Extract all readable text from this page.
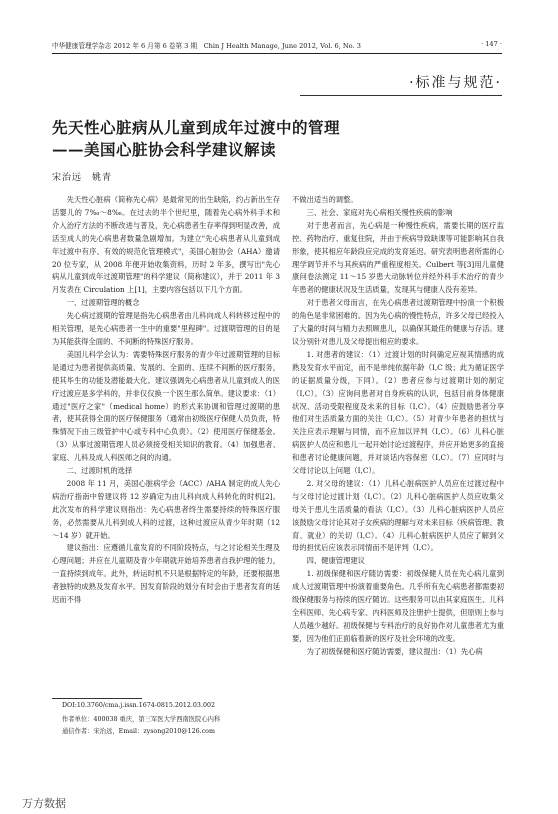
中华健康管理学杂志 2012 年 6 月第 6 卷第 3 期　Chin J Health Manage, June 2012, Vol. 6, No. 3	· 147 ·
·标准与规范·
先天性心脏病从儿童到成年过渡中的管理
——美国心脏协会科学建议解读
宋治远　姚青

先天性心脏病（简称先心病）是最常见的出生缺陷，约占新出生存活婴儿的 7‰～8‰。在过去的半个世纪里，随着先心病外科手术和介入治疗方法的不断改进与普及，先心病患者生存率得到明显改善，成活至成人的先心病患者数量急剧增加。为建立"先心病患者从儿童到成年过渡中有序、有效的规范化管理模式"，美国心脏协会（AHA）邀请 20 位专家，从 2008 年便开始收集资料，历时 2 年多，撰写出"先心病从儿童到成年过渡期管理"的科学建议（简称建议），并于 2011 年 3 月发表在 Circulation 上[1]，主要内容包括以下几个方面。

一、过渡期管理的概念

先心病过渡期的管理是指先心病患者由儿科向成人科转移过程中的相关管理，是先心病患者一生中的重要"里程碑"。过渡期管理的目的是为其能获得全面的、不间断的特殊医疗服务。

美国儿科学会认为：需要特殊医疗服务的青少年过渡期管理的目标是通过为患者提供高质量、发展的、全面的、连续不间断的医疗服务，使其毕生的功能及潜能最大化。建议强调先心病患者从儿童到成人的医疗过渡应是多学科的，并非仅仅换一个医生那么简单。建议要求：（1）通过"医疗之家"（medical home）的形式来协调和管理过渡期的患者，使其获得全面的医疗保健服务（通常由初级医疗保健人员负责，特殊情况下由三级管护中心或专科中心负责）。（2）使用医疗保健基金。（3）从事过渡期管理人员必须接受相关知识的教育。（4）加强患者、家庭、儿科及成人科医师之间的沟通。

二、过渡时机的选择

2008 年 11 月，美国心脏病学会（ACC）/AHA 制定的成人先心病治疗指南中曾建议将 12 岁确定为由儿科向成人科转化的时机[2]。此次发布的科学建议则指出：先心病患者终生需要持续的特殊医疗服务，必然需要从儿科到成人科的过渡，这种过渡应从青少年时期（12～14 岁）就开始。

建议指出：应遵循儿童发育的不同阶段特点，与之讨论相关生理及心理问题；并应在儿童期及青少年期就开始培养患者自我护理的能力，一直持续到成年。此外，转运时机不只是根据特定的年龄，还要根据患者独特的成熟及发育水平。因发育阶段的划分有时会由于患者发育的延迟而不得

不做出适当的调整。

三、社会、家庭对先心病相关慢性疾病的影响

对于患者而言，先心病是一种慢性疾病，需要长期的医疗监控、药物治疗、重复住院，并由于疾病导致缺课等可能影响其自我形象，使其相应年龄段应完成的发育延迟。研究表明患者所需的心理学调节并不与其疾病的严重程度相关。Culbert 等[3]用儿童健康问卷法测定 11～15 岁患大动脉转位并经外科手术治疗的青少年患者的健康状况及生活质量，发现其与健康人没有差异。

对于患者父母而言，在先心病患者过渡期管理中扮演一个积极的角色是非常困难的。因为先心病的慢性特点，许多父母已经投入了大量的时间与精力去照顾患儿，以确保其最佳的健康与存活。建议分别针对患儿及父母提出相应的要求。

1. 对患者的建议：（1）过渡计划的时间确定应视其情感的成熟及发育水平而定，而不是单纯依据年龄（I,C 级；此为循证医学的证据质量分级，下同）。（2）患者应参与过渡期计划的制定（I,C）。（3）应询问患者对自身疾病的认识，包括目前身体健康状况、活动受限程度及未来的目标（I,C）。（4）应鼓励患者分享他们对生活质量方面的关注（I,C）。（5）对青少年患者的担忧与关注应表示理解与同情，而不应加以评判（I,C）。（6）儿科心脏病医护人员应和患儿一起开始讨论过渡程序，并应开始更多的直接和患者讨论健康问题，并对谈话内容保密（I,C）。（7）应同时与父母讨论以上问题（I,C）。

2. 对父母的建议：（1）儿科心脏病医护人员应在过渡过程中与父母讨论过渡计划（I,C）。（2）儿科心脏病医护人员应收集父母关于患儿生活质量的看法（I,C）。（3）儿科心脏病医护人员应该鼓励父母讨论其对子女疾病的理解与对未来目标（疾病管理、教育、就业）的关切（I,C）。（4）儿科心脏病医护人员应了解到父母的担忧后应该表示同情而不是评判（I,C）。

四、健康管理建议

1. 初级保健和医疗随访需要：初级保健人员在先心病儿童到成人过渡期管理中扮演着重要角色。几乎所有先心病患者都需要初级保健服务与持续的医疗随访。这些服务可以由其家庭医生、儿科全科医师、先心病专家、内科医师及注册护士提供，但原则上参与人员越少越好。初级保健与专科治疗的良好协作对儿童患者尤为重要，因为他们正面临着新的医疗及社会环境的改变。

为了初级保健和医疗随访需要，建议提出：（1）先心病

DOI:10.3760/cma.j.issn.1674-0815.2012.03.002
作者单位：400038 重庆，第三军医大学西南医院心内科
通信作者：宋治远，Email：zysong2010@126.com
万方数据
